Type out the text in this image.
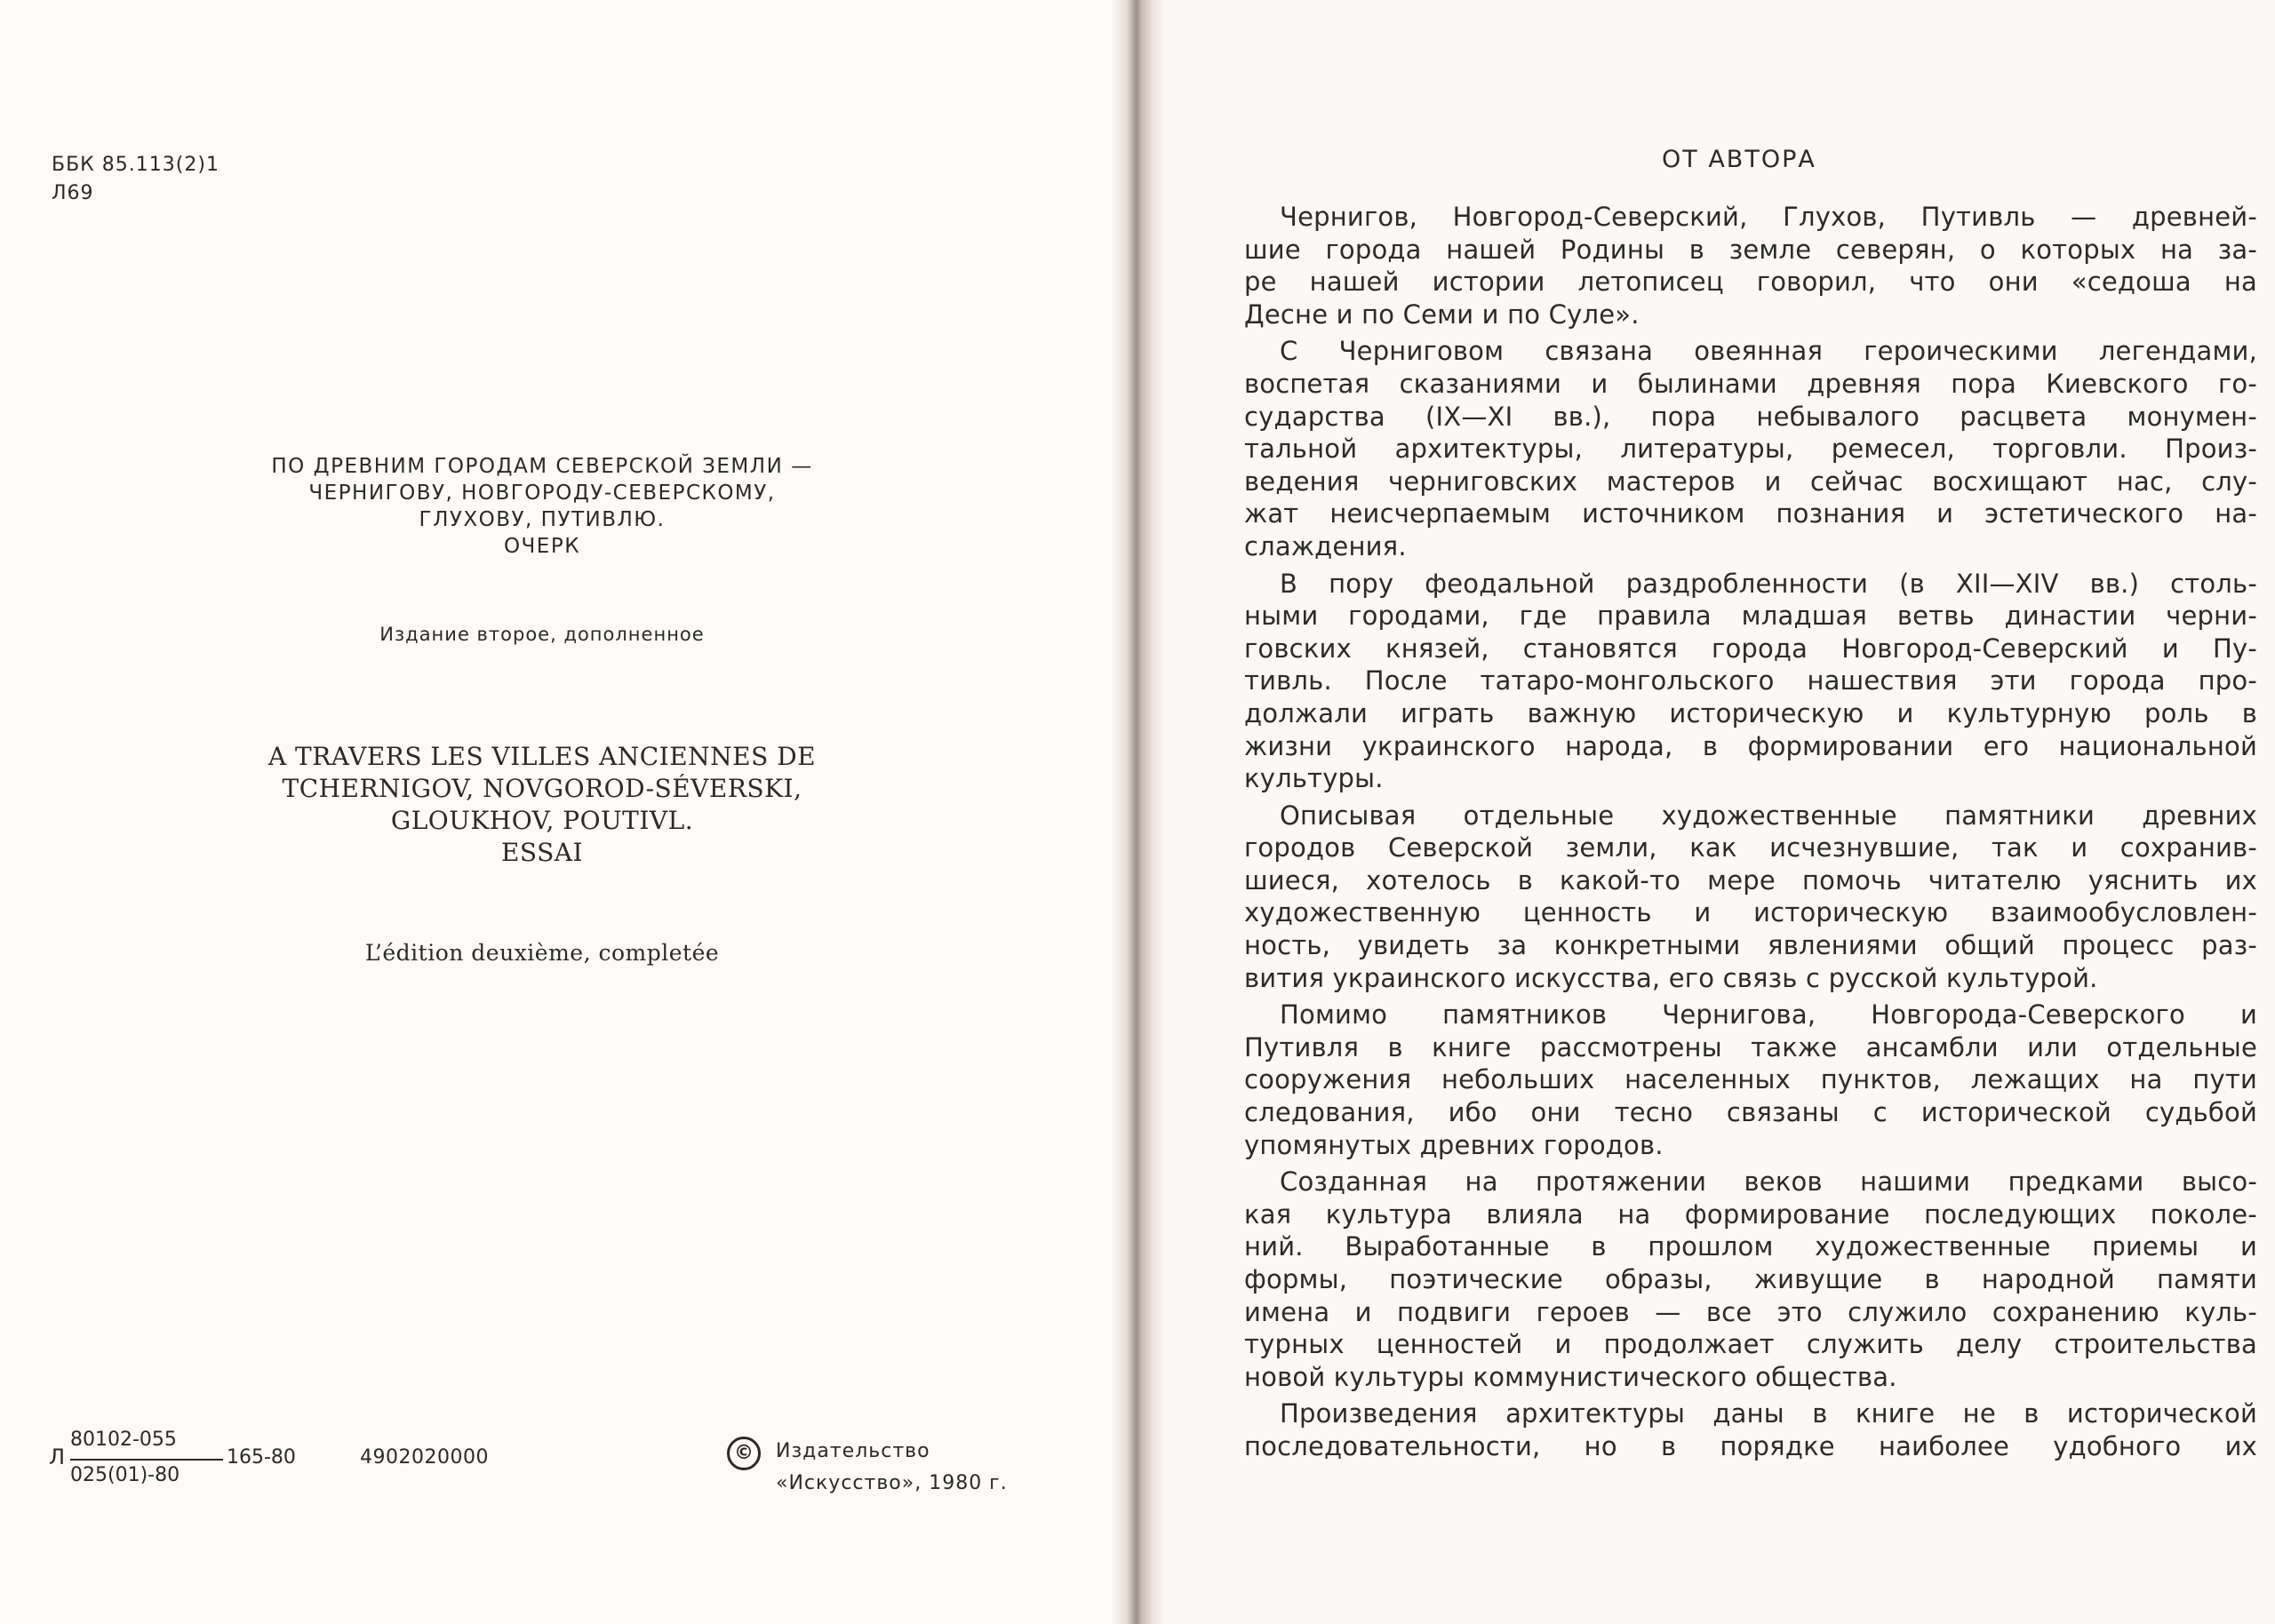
ББК 85.113(2)1
Л69
ПО ДРЕВНИМ ГОРОДАМ СЕВЕРСКОЙ ЗЕМЛИ —
ЧЕРНИГОВУ, НОВГОРОДУ-СЕВЕРСКОМУ,
ГЛУХОВУ, ПУТИВЛЮ.
ОЧЕРК
Издание второе, дополненное
A TRAVERS LES VILLES ANCIENNES DE
TCHERNIGOV, NOVGOROD-SÉVERSKI,
GLOUKHOV, POUTIVL.
ESSAI
L’édition deuxième, completée
Л
80102-055
025(01)-80
165-80	4902020000	©	Издательство
«Искусство», 1980 г.
ОТ АВТОРА
Чернигов, Новгород-Северский, Глухов, Путивль — древней-
шие города нашей Родины в земле северян, о которых на за-
ре нашей истории летописец говорил, что они «седоша на
Десне и по Семи и по Суле».
С Черниговом связана овеянная героическими легендами,
воспетая сказаниями и былинами древняя пора Киевского го-
сударства (IX—XI вв.), пора небывалого расцвета монумен-
тальной архитектуры, литературы, ремесел, торговли. Произ-
ведения черниговских мастеров и сейчас восхищают нас, слу-
жат неисчерпаемым источником познания и эстетического на-
слаждения.
В пору феодальной раздробленности (в XII—XIV вв.) столь-
ными городами, где правила младшая ветвь династии черни-
говских князей, становятся города Новгород-Северский и Пу-
тивль. После татаро-монгольского нашествия эти города про-
должали играть важную историческую и культурную роль в
жизни украинского народа, в формировании его национальной
культуры.
Описывая отдельные художественные памятники древних
городов Северской земли, как исчезнувшие, так и сохранив-
шиеся, хотелось в какой-то мере помочь читателю уяснить их
художественную ценность и историческую взаимообусловлен-
ность, увидеть за конкретными явлениями общий процесс раз-
вития украинского искусства, его связь с русской культурой.
Помимо памятников Чернигова, Новгорода-Северского и
Путивля в книге рассмотрены также ансамбли или отдельные
сооружения небольших населенных пунктов, лежащих на пути
следования, ибо они тесно связаны с исторической судьбой
упомянутых древних городов.
Созданная на протяжении веков нашими предками высо-
кая культура влияла на формирование последующих поколе-
ний. Выработанные в прошлом художественные приемы и
формы, поэтические образы, живущие в народной памяти
имена и подвиги героев — все это служило сохранению куль-
турных ценностей и продолжает служить делу строительства
новой культуры коммунистического общества.
Произведения архитектуры даны в книге не в исторической
последовательности, но в порядке наиболее удобного их
